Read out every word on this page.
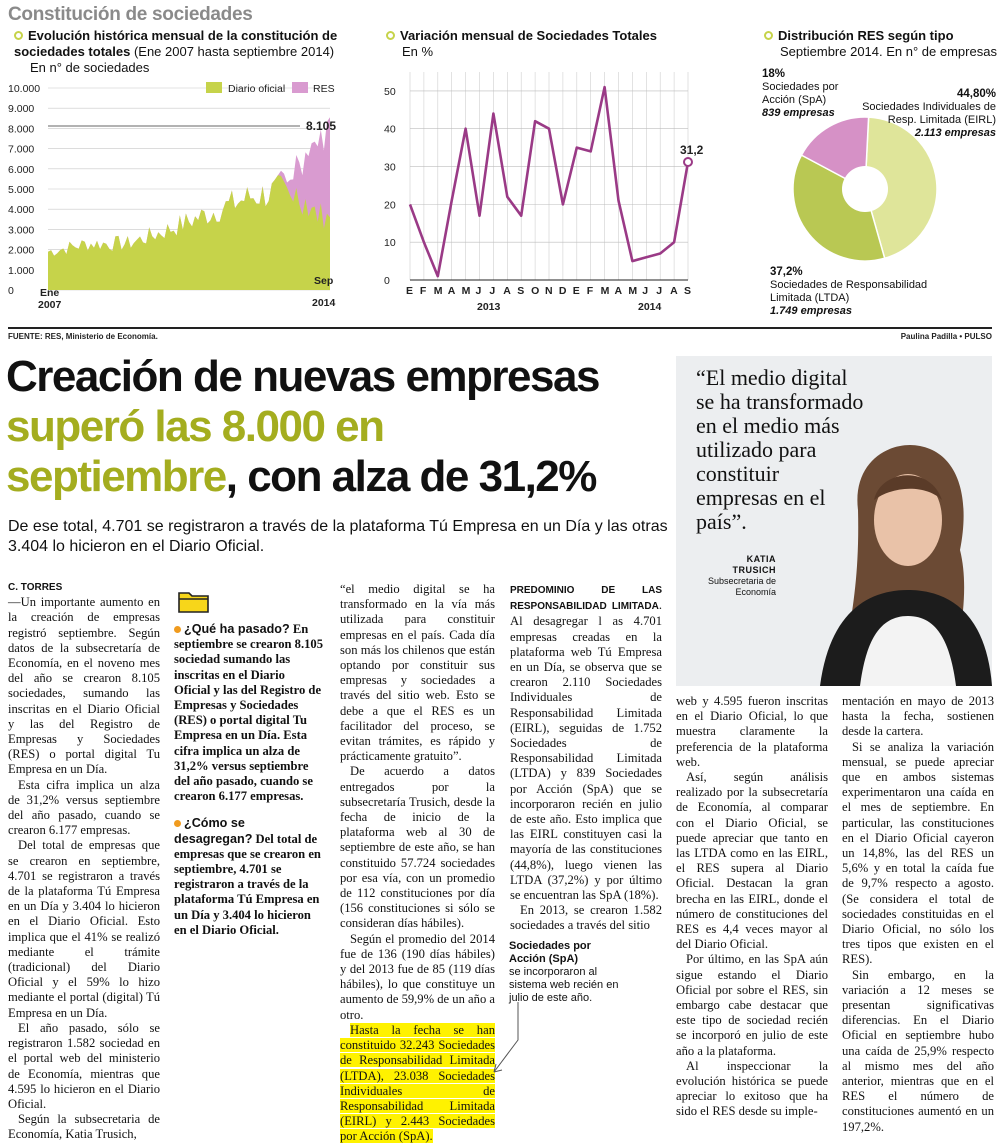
Constitución de sociedades
Evolución histórica mensual de la constitución de sociedades totales (Ene 2007 hasta septiembre 2014)
En n° de sociedades
10.000
9.000
8.000
7.000
6.000
5.000
4.000
3.000
2.000
1.000
0
8.105
Diario oficial	RES
Ene
2007
Sep
2014
Variación mensual de Sociedades Totales
En %
50
40
30
20
10
0
31,2
E F M A M J J A S O N D E F M A M J J A S
2013	2014
Distribución RES según tipo
Septiembre 2014. En n° de empresas
18%
Sociedades por Acción (SpA)
839 empresas
44,80%
Sociedades Individuales de Resp. Limitada (EIRL)
2.113 empresas
37,2%
Sociedades de Responsabilidad Limitada (LTDA)
1.749 empresas
FUENTE: RES, Ministerio de Economía.	Paulina Padilla • PULSO
Creación de nuevas empresas
superó las 8.000 en
septiembre, con alza de 31,2%
De ese total, 4.701 se registraron a través de la plataforma Tú Empresa en un Día y las otras 3.404 lo hicieron en el Diario Oficial.
“El medio digital se ha transformado en el medio más utilizado para constituir empresas en el país”.
KATIA
TRUSICH
Subsecretaria de Economía
C. TORRES

—Un importante aumento en la creación de empresas registró septiembre. Según datos de la subsecretaría de Economía, en el noveno mes del año se crearon 8.105 sociedades, sumando las inscritas en el Diario Oficial y las del Registro de Empresas y Sociedades (RES) o portal digital Tu Empresa en un Día.

Esta cifra implica un alza de 31,2% versus septiembre del año pasado, cuando se crearon 6.177 empresas.

Del total de empresas que se crearon en septiembre, 4.701 se registraron a través de la plataforma Tú Empresa en un Día y 3.404 lo hicieron en el Diario Oficial. Esto implica que el 41% se realizó mediante el trámite (tradicional) del Diario Oficial y el 59% lo hizo mediante el portal (digital) Tú Empresa en un Día.

El año pasado, sólo se registraron 1.582 sociedad en el portal web del ministerio de Economía, mientras que 4.595 lo hicieron en el Diario Oficial.

Según la subsecretaria de Economía, Katia Trusich,

¿Qué ha pasado? En septiembre se crearon 8.105 sociedad sumando las inscritas en el Diario Oficial y las del Registro de Empresas y Sociedades (RES) o portal digital Tu Empresa en un Día. Esta cifra implica un alza de 31,2% versus septiembre del año pasado, cuando se crearon 6.177 empresas.
¿Cómo se desagregan? Del total de empresas que se crearon en septiembre, 4.701 se registraron a través de la plataforma Tú Empresa en un Día y 3.404 lo hicieron en el Diario Oficial.

“el medio digital se ha transformado en la vía más utilizada para constituir empresas en el país. Cada día son más los chilenos que están optando por constituir sus empresas y sociedades a través del sitio web. Esto se debe a que el RES es un facilitador del proceso, se evitan trámites, es rápido y prácticamente gratuito”.

De acuerdo a datos entregados por la subsecretaría Trusich, desde la fecha de inicio de la plataforma web al 30 de septiembre de este año, se han constituido 57.724 sociedades por esa vía, con un promedio de 112 constituciones por día (156 constituciones si sólo se consideran días hábiles).

Según el promedio del 2014 fue de 136 (190 días hábiles) y del 2013 fue de 85 (119 días hábiles), lo que constituye un aumento de 59,9% de un año a otro.

Hasta la fecha se han constituido 32.243 Sociedades de Responsabilidad Limitada (LTDA), 23.038 Sociedades Individuales de Responsabilidad Limitada (EIRL) y 2.443 Sociedades por Acción (SpA).

PREDOMINIO DE LAS RESPONSABILIDAD LIMITADA. Al desagregar l as 4.701 empresas creadas en la plataforma web Tú Empresa en un Día, se observa que se crearon 2.110 Sociedades Individuales de Responsabilidad Limitada (EIRL), seguidas de 1.752 Sociedades de Responsabilidad Limitada (LTDA) y 839 Sociedades por Acción (SpA) que se incorporaron recién en julio de este año. Esto implica que las EIRL constituyen casi la mayoría de las constituciones (44,8%), luego vienen las LTDA (37,2%) y por último se encuentran las SpA (18%).

En 2013, se crearon 1.582 sociedades a través del sitio

Sociedades por Acción (SpA)
se incorporaron al sistema web recién en julio de este año.

web y 4.595 fueron inscritas en el Diario Oficial, lo que muestra claramente la preferencia de la plataforma web.

Así, según análisis realizado por la subsecretaría de Economía, al comparar con el Diario Oficial, se puede apreciar que tanto en las LTDA como en las EIRL, el RES supera al Diario Oficial. Destacan la gran brecha en las EIRL, donde el número de constituciones del RES es 4,4 veces mayor al del Diario Oficial.

Por último, en las SpA aún sigue estando el Diario Oficial por sobre el RES, sin embargo cabe destacar que este tipo de sociedad recién se incorporó en julio de este año a la plataforma.

Al inspeccionar la evolución histórica se puede apreciar lo exitoso que ha sido el RES desde su imple-

mentación en mayo de 2013 hasta la fecha, sostienen desde la cartera.

Si se analiza la variación mensual, se puede apreciar que en ambos sistemas experimentaron una caída en el mes de septiembre. En particular, las constituciones en el Diario Oficial cayeron un 14,8%, las del RES un 5,6% y en total la caída fue de 9,7% respecto a agosto. (Se considera el total de sociedades constituidas en el Diario Oficial, no sólo los tres tipos que existen en el RES).

Sin embargo, en la variación a 12 meses se presentan significativas diferencias. En el Diario Oficial en septiembre hubo una caída de 25,9% respecto al mismo mes del año anterior, mientras que en el RES el número de constituciones aumentó en un 197,2%.
